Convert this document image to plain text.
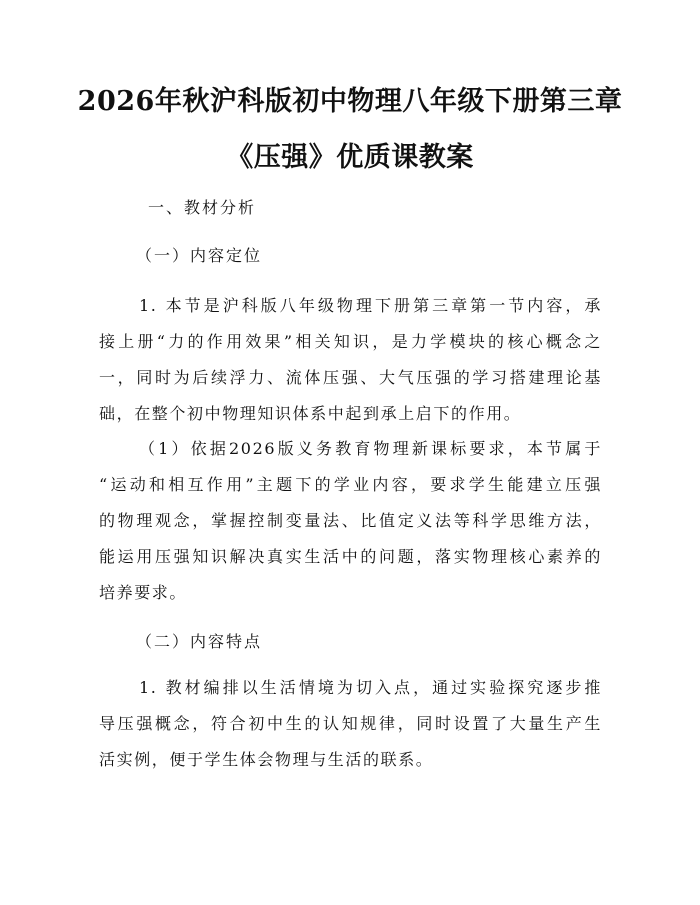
2026年秋沪科版初中物理八年级下册第三章
《压强》优质课教案
一、教材分析
（一）内容定位
1. 本节是沪科版八年级物理下册第三章第一节内容，承
接上册“力的作用效果”相关知识，是力学模块的核心概念之
一，同时为后续浮力、流体压强、大气压强的学习搭建理论基
础，在整个初中物理知识体系中起到承上启下的作用。
（1）依据2026版义务教育物理新课标要求，本节属于
“运动和相互作用”主题下的学业内容，要求学生能建立压强
的物理观念，掌握控制变量法、比值定义法等科学思维方法，
能运用压强知识解决真实生活中的问题，落实物理核心素养的
培养要求。
（二）内容特点
1. 教材编排以生活情境为切入点，通过实验探究逐步推
导压强概念，符合初中生的认知规律，同时设置了大量生产生
活实例，便于学生体会物理与生活的联系。
